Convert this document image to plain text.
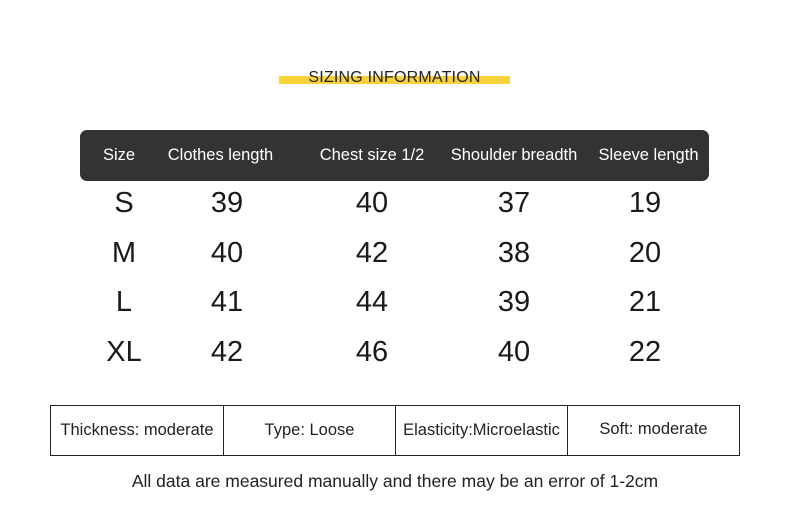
SIZING INFORMATION
Size	Clothes length	Chest size 1/2	Shoulder breadth	Sleeve length
S	39	40	37	19
M	40	42	38	20
L	41	44	39	21
XL	42	46	40	22
Thickness: moderate	Type: Loose	Elasticity:Microelastic	Soft: moderate
All data are measured manually and there may be an error of 1-2cm
